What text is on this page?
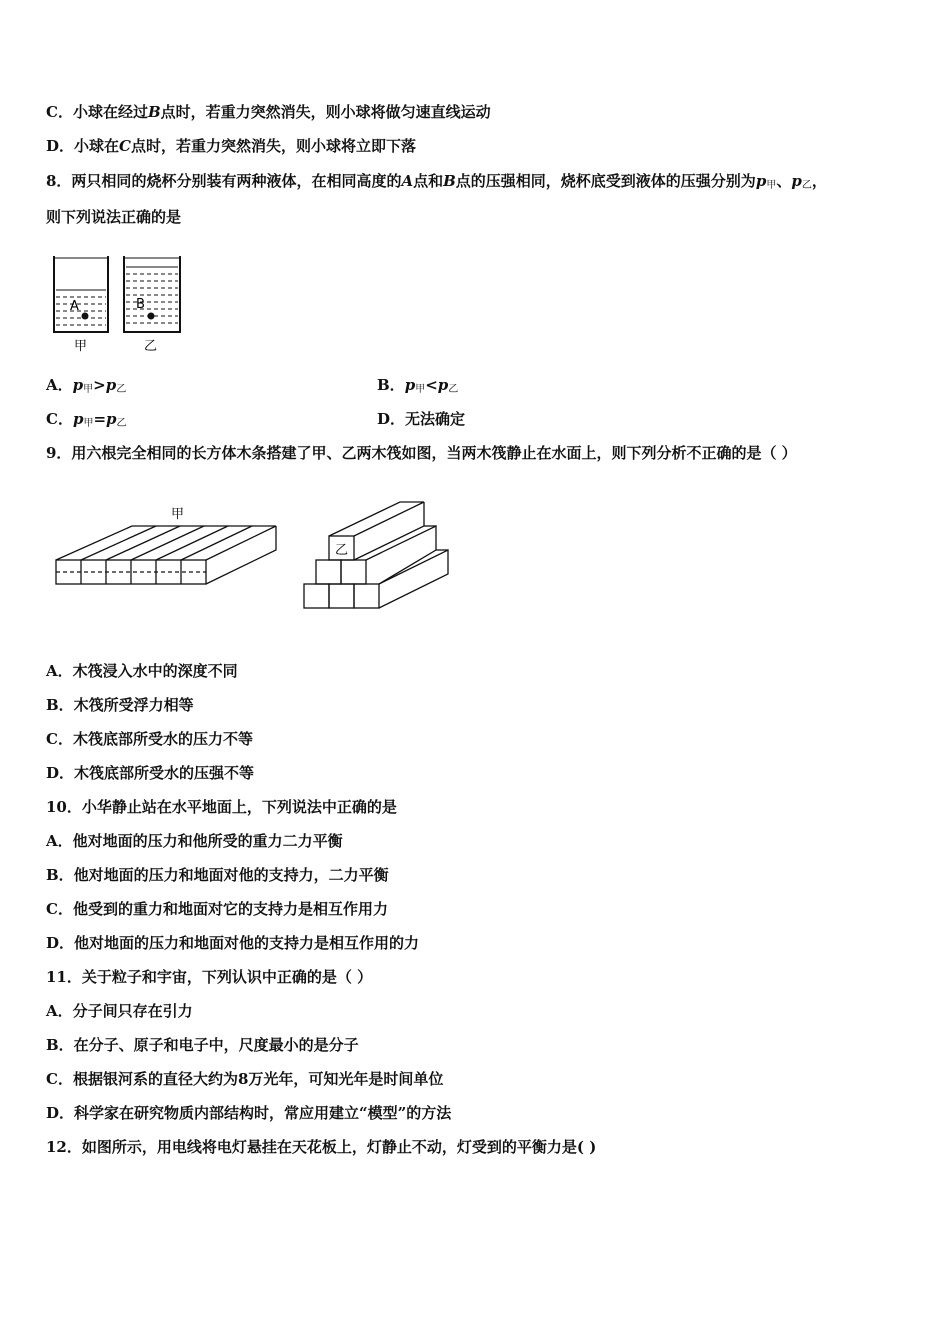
C．小球在经过B点时，若重力突然消失，则小球将做匀速直线运动
D．小球在C点时，若重力突然消失，则小球将立即下落
8．两只相同的烧杯分别装有两种液体，在相同高度的A点和B点的压强相同，烧杯底受到液体的压强分别为$p_甲$、$p_乙$，
则下列说法正确的是
A	B
甲	乙
A．$p_甲>p_乙$	B．$p_甲<p_乙$
C．$p_甲=p_乙$	D．无法确定
9．用六根完全相同的长方体木条搭建了甲、乙两木筏如图，当两木筏静止在水面上，则下列分析不正确的是（ ）
甲
乙
A．木筏浸入水中的深度不同
B．木筏所受浮力相等
C．木筏底部所受水的压力不等
D．木筏底部所受水的压强不等
10．小华静止站在水平地面上，下列说法中正确的是
A．他对地面的压力和他所受的重力二力平衡
B．他对地面的压力和地面对他的支持力，二力平衡
C．他受到的重力和地面对它的支持力是相互作用力
D．他对地面的压力和地面对他的支持力是相互作用的力
11．关于粒子和宇宙，下列认识中正确的是（ ）
A．分子间只存在引力
B．在分子、原子和电子中，尺度最小的是分子
C．根据银河系的直径大约为8万光年，可知光年是时间单位
D．科学家在研究物质内部结构时，常应用建立“模型”的方法
12．如图所示，用电线将电灯悬挂在天花板上，灯静止不动，灯受到的平衡力是( )
